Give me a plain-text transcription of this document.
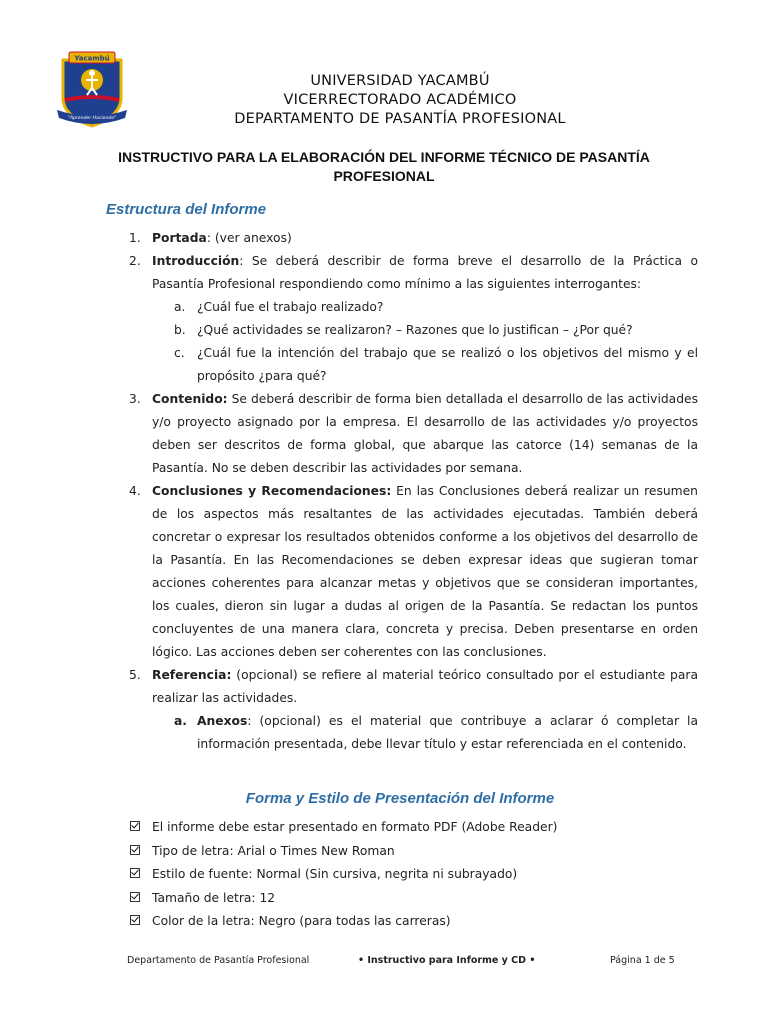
Yacambú
"Aprender Haciendo"
UNIVERSIDAD YACAMBÚ
VICERRECTORADO ACADÉMICO
DEPARTAMENTO DE PASANTÍA PROFESIONAL
INSTRUCTIVO PARA LA ELABORACIÓN DEL INFORME TÉCNICO DE PASANTÍA PROFESIONAL
Estructura del Informe
1. Portada: (ver anexos)
2. Introducción: Se deberá describir de forma breve el desarrollo de la Práctica o Pasantía Profesional respondiendo como mínimo a las siguientes interrogantes:
a. ¿Cuál fue el trabajo realizado?
b. ¿Qué actividades se realizaron? – Razones que lo justifican – ¿Por qué?
c. ¿Cuál fue la intención del trabajo que se realizó o los objetivos del mismo y el propósito ¿para qué?
3. Contenido: Se deberá describir de forma bien detallada el desarrollo de las actividades y/o proyecto asignado por la empresa. El desarrollo de las actividades y/o proyectos deben ser descritos de forma global, que abarque las catorce (14) semanas de la Pasantía. No se deben describir las actividades por semana.
4. Conclusiones y Recomendaciones: En las Conclusiones deberá realizar un resumen de los aspectos más resaltantes de las actividades ejecutadas. También deberá concretar o expresar los resultados obtenidos conforme a los objetivos del desarrollo de la Pasantía. En las Recomendaciones se deben expresar ideas que sugieran tomar acciones coherentes para alcanzar metas y objetivos que se consideran importantes, los cuales, dieron sin lugar a dudas al origen de la Pasantía. Se redactan los puntos concluyentes de una manera clara, concreta y precisa. Deben presentarse en orden lógico. Las acciones deben ser coherentes con las conclusiones.
5. Referencia: (opcional) se refiere al material teórico consultado por el estudiante para realizar las actividades.
a. Anexos: (opcional) es el material que contribuye a aclarar ó completar la información presentada, debe llevar título y estar referenciada en el contenido.
Forma y Estilo de Presentación del Informe
El informe debe estar presentado en formato PDF (Adobe Reader)
Tipo de letra: Arial o Times New Roman
Estilo de fuente: Normal (Sin cursiva, negrita ni subrayado)
Tamaño de letra: 12
Color de la letra: Negro (para todas las carreras)
Departamento de Pasantía Profesional	• Instructivo para Informe y CD •	Página 1 de 5
